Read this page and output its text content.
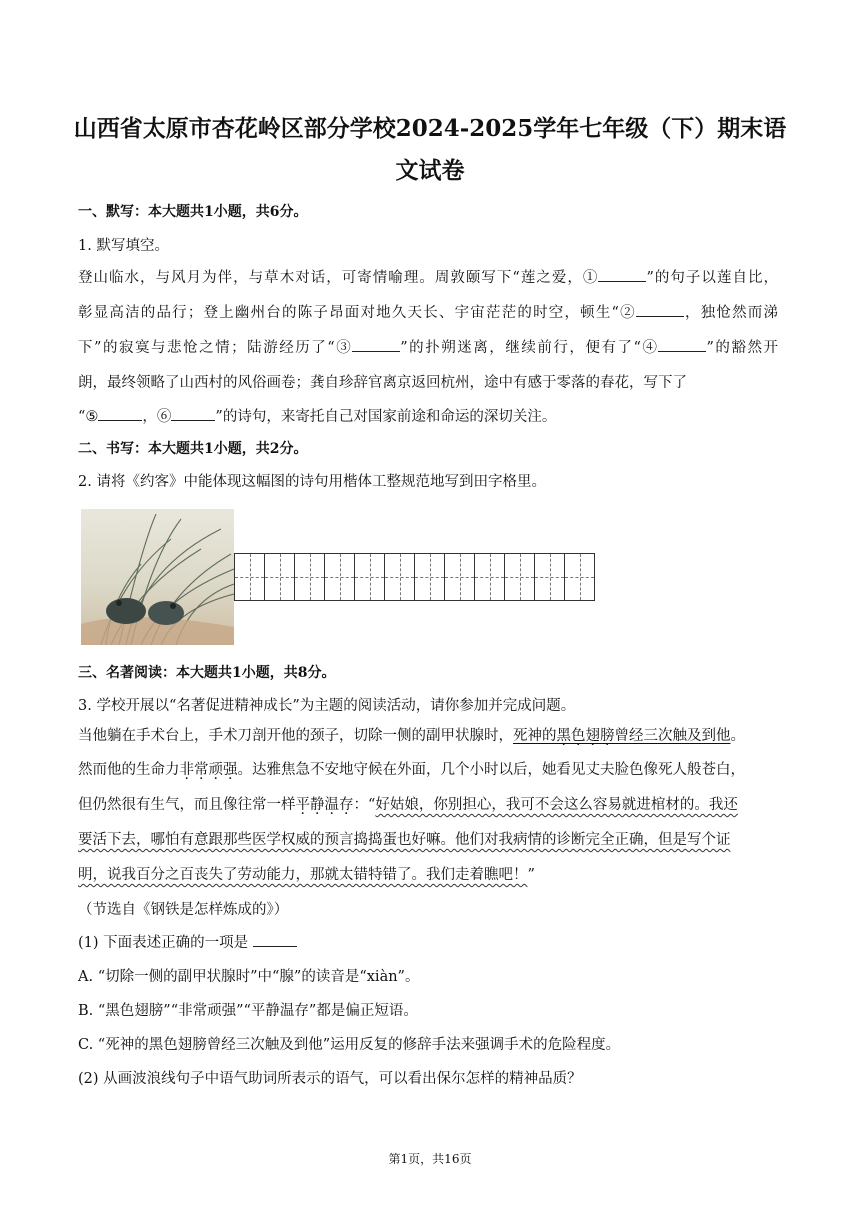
山西省太原市杏花岭区部分学校2024-2025学年七年级（下）期末语
文试卷
一、默写：本大题共1小题，共6分。
1. 默写填空。
登山临水，与风月为伴，与草木对话，可寄情喻理。周敦颐写下“莲之爱，①	”的句子以莲自比，
彰显高洁的品行；登上幽州台的陈子昂面对地久天长、宇宙茫茫的时空，顿生“②	，独怆然而涕
下”的寂寞与悲怆之情；陆游经历了“③	”的扑朔迷离，继续前行，便有了“④	”的豁然开
朗，最终领略了山西村的风俗画卷；龚自珍辞官离京返回杭州，途中有感于零落的春花，写下了
“⑤	，⑥	”的诗句，来寄托自己对国家前途和命运的深切关注。
二、书写：本大题共1小题，共2分。
2. 请将《约客》中能体现这幅图的诗句用楷体工整规范地写到田字格里。
三、名著阅读：本大题共1小题，共8分。
3. 学校开展以“名著促进精神成长”为主题的阅读活动，请你参加并完成问题。
当他躺在手术台上，手术刀剖开他的颈子，切除一侧的副甲状腺时，死神的黑色翅膀曾经三次触及到他。
然而他的生命力非常顽强。达雅焦急不安地守候在外面，几个小时以后，她看见丈夫脸色像死人般苍白，
但仍然很有生气，而且像往常一样平静温存：“好姑娘，你别担心，我可不会这么容易就进棺材的。我还
要活下去，哪怕有意跟那些医学权威的预言捣捣蛋也好嘛。他们对我病情的诊断完全正确，但是写个证
明，说我百分之百丧失了劳动能力，那就太错特错了。我们走着瞧吧！”
（节选自《钢铁是怎样炼成的》）
(1) 下面表述正确的一项是
A. “切除一侧的副甲状腺时”中“腺”的读音是“xiàn”。
B. “黑色翅膀”“非常顽强”“平静温存”都是偏正短语。
C. “死神的黑色翅膀曾经三次触及到他”运用反复的修辞手法来强调手术的危险程度。
(2) 从画波浪线句子中语气助词所表示的语气，可以看出保尔怎样的精神品质？
第1页，共16页
